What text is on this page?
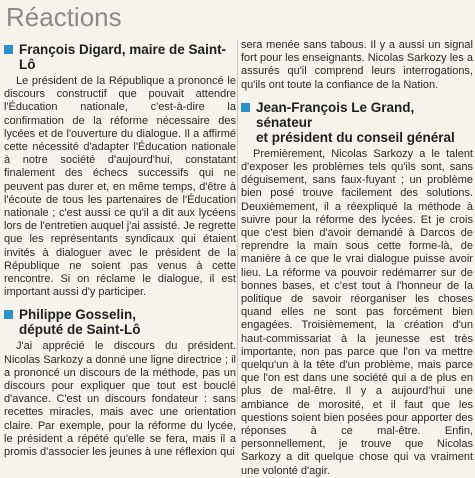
Réactions
François Digard, maire de Saint-Lô

Le président de la République a prononcé le discours constructif que pouvait attendre l'Éducation nationale, c'est-à-dire la confirmation de la réforme nécessaire des lycées et de l'ouverture du dialogue. Il a affirmé cette nécessité d'adapter l'Éducation nationale à notre société d'aujourd'hui, constatant finalement des échecs successifs qui ne peuvent pas durer et, en même temps, d'être à l'écoute de tous les partenaires de l'Éducation nationale ; c'est aussi ce qu'il a dit aux lycéens lors de l'entretien auquel j'ai assisté. Je regrette que les représentants syndicaux qui étaient invités à dialoguer avec le président de la République ne soient pas venus à cette rencontre. Si on réclame le dialogue, il est important aussi d'y participer.

Philippe Gosselin,
député de Saint-Lô

J'ai apprécié le discours du président. Nicolas Sarkozy a donné une ligne directrice ; il a prononcé un discours de la méthode, pas un discours pour expliquer que tout est bouclé d'avance. C'est un discours fondateur : sans recettes miracles, mais avec une orientation claire. Par exemple, pour la réforme du lycée, le président a répété qu'elle se fera, mais il a promis d'associer les jeunes à une réflexion qui

sera menée sans tabous. Il y a aussi un signal fort pour les enseignants. Nicolas Sarkozy les a assurés qu'il comprend leurs interrogations, qu'ils ont toute la confiance de la Nation.

Jean-François Le Grand, sénateur
et président du conseil général

Premièrement, Nicolas Sarkozy a le talent d'exposer les problèmes tels qu'ils sont, sans déguisement, sans faux-fuyant ; un problème bien posé trouve facilement des solutions. Deuxièmement, il a réexpliqué la méthode à suivre pour la réforme des lycées. Et je crois que c'est bien d'avoir demandé à Darcos de reprendre la main sous cette forme-là, de manière à ce que le vrai dialogue puisse avoir lieu. La réforme va pouvoir redémarrer sur de bonnes bases, et c'est tout à l'honneur de la politique de savoir réorganiser les choses quand elles ne sont pas forcément bien engagées. Troisièmement, la création d'un haut-commissariat à la jeunesse est très importante, non pas parce que l'on va mettre quelqu'un à la tête d'un problème, mais parce que l'on est dans une société qui a de plus en plus de mal-être. Il y a aujourd'hui une ambiance de morosité, et il faut que les questions soient bien posées pour apporter des réponses à ce mal-être. Enfin, personnellement, je trouve que Nicolas Sarkozy a dit quelque chose qui va vraiment une volonté d'agir.
